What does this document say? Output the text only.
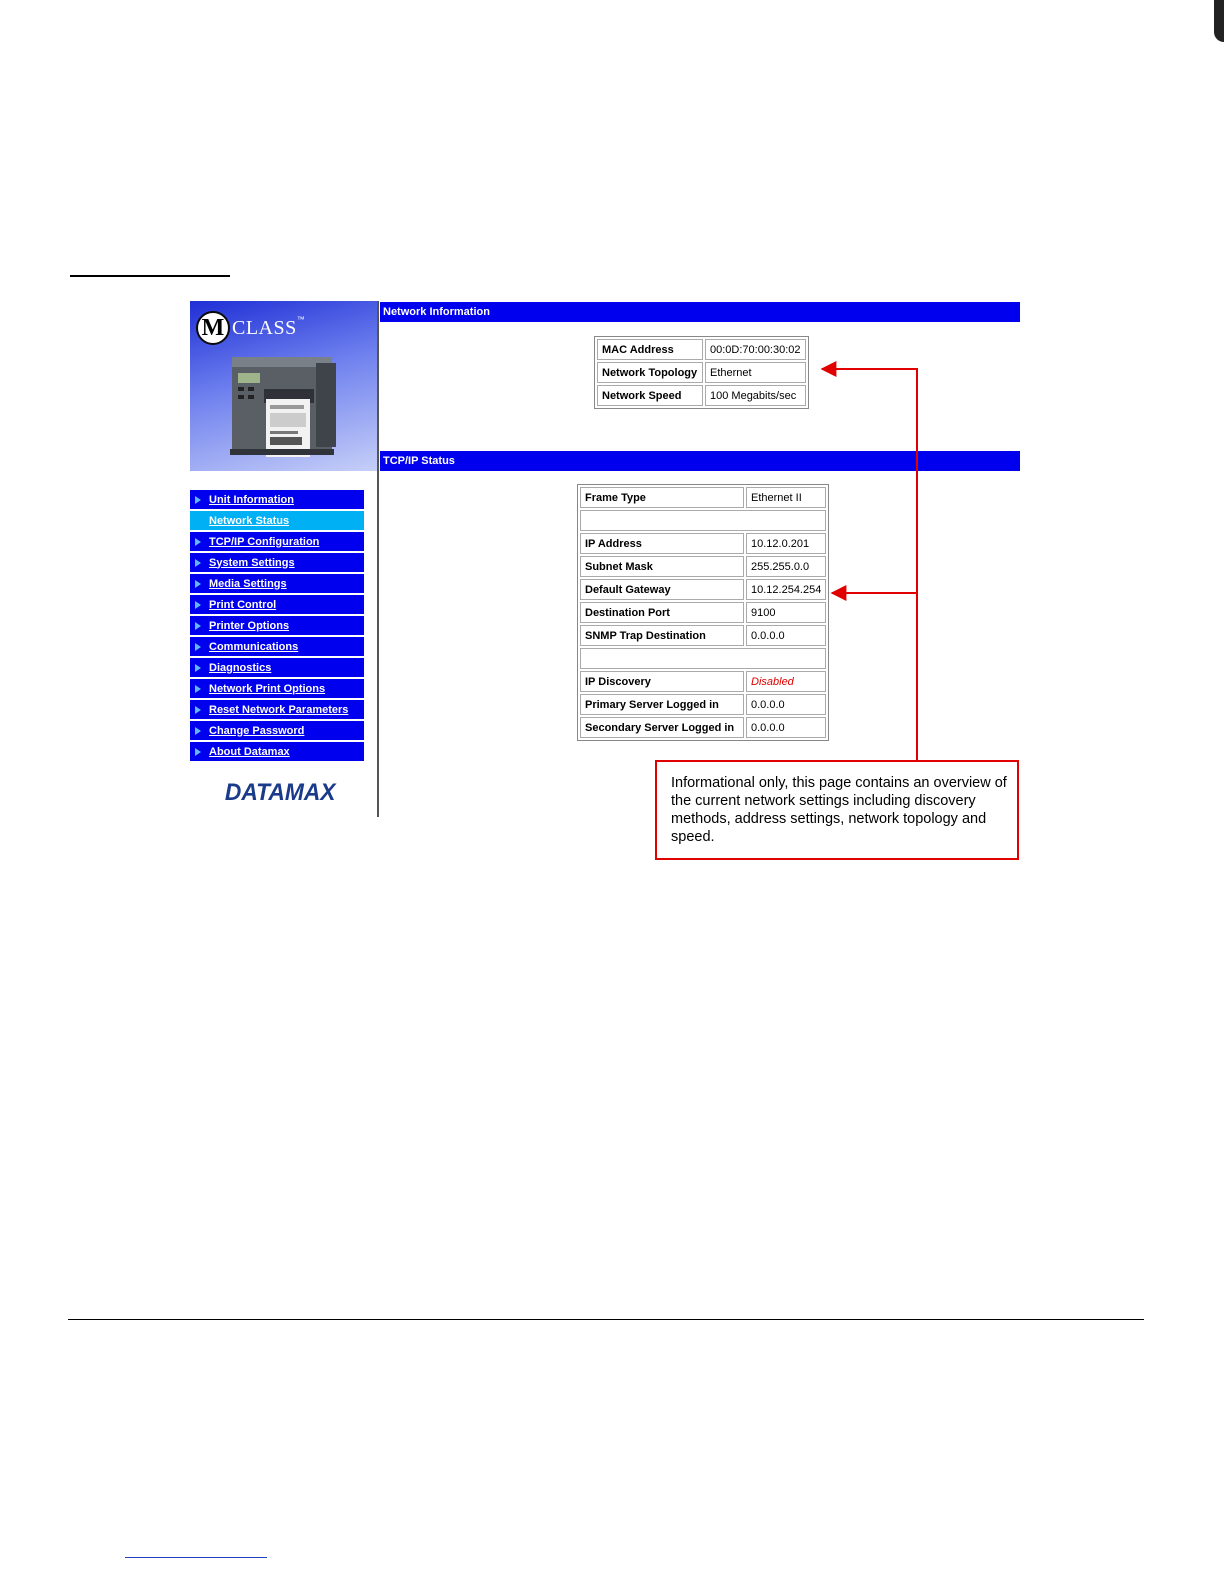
M CLASS ™
Unit Information
Network Status
TCP/IP Configuration
System Settings
Media Settings
Print Control
Printer Options
Communications
Diagnostics
Network Print Options
Reset Network Parameters
Change Password
About Datamax
DATAMAX
Network Information
MAC Address	00:0D:70:00:30:02
Network Topology	Ethernet
Network Speed	100 Megabits/sec
TCP/IP Status
Frame Type	Ethernet II

IP Address	10.12.0.201
Subnet Mask	255.255.0.0
Default Gateway	10.12.254.254
Destination Port	9100
SNMP Trap Destination	0.0.0.0

IP Discovery	Disabled
Primary Server Logged in	0.0.0.0
Secondary Server Logged in	0.0.0.0
Informational only, this page contains an overview of the current network settings including discovery methods, address settings, network topology and speed.
